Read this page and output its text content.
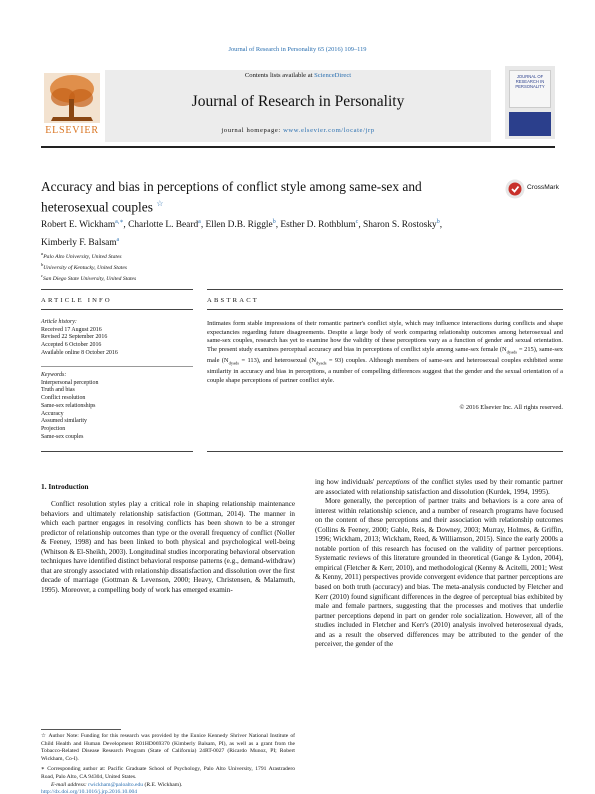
Journal of Research in Personality 65 (2016) 109–119
ELSEVIER
Contents lists available at ScienceDirect
Journal of Research in Personality
journal homepage: www.elsevier.com/locate/jrp
JOURNAL OF RESEARCH IN PERSONALITY
Accuracy and bias in perceptions of conflict style among same-sex and heterosexual couples ☆
CrossMark
Robert E. Wickham$^{a,∗}$, Charlotte L. Beard$^a$, Ellen D.B. Riggle$^b$, Esther D. Rothblum$^c$, Sharon S. Rostosky$^b$,
Kimberly F. Balsam$^a$
$^a$Palo Alto University, United States
$^b$University of Kentucky, United States
$^c$San Diego State University, United States
ARTICLE INFO
Article history:
Received 17 August 2016
Revised 22 September 2016
Accepted 6 October 2016
Available online 8 October 2016
Keywords:
Interpersonal perception
Truth and bias
Conflict resolution
Same-sex relationships
Accuracy
Assumed similarity
Projection
Same-sex couples
ABSTRACT
Intimates form stable impressions of their romantic partner's conflict style, which may influence interactions during conflicts and shape expectancies regarding future disagreements. Despite a large body of work comparing relationship outcomes among heterosexual and same-sex couples, research has yet to examine how the validity of these perceptions vary as a function of gender and sexual orientation. The present study examines perceptual accuracy and bias in perceptions of conflict style among same-sex female $(N_{dyads} = 215)$, same-sex male $(N_{dyads} = 113)$, and heterosexual $(N_{dyads} = 93)$ couples. Although members of same-sex and heterosexual couples exhibited some similarity in accuracy and bias in perceptions, a number of compelling differences suggest that the gender and the sexual orientation of a couple shape perceptions of partner conflict style.
© 2016 Elsevier Inc. All rights reserved.
1. Introduction

Conflict resolution styles play a critical role in shaping relationship maintenance behaviors and ultimately relationship satisfaction (Gottman, 2014). The manner in which each partner engages in resolving conflicts has been shown to be a stronger predictor of relationship outcomes than type or the overall frequency of conflict (Noller & Feeney, 1998) and has been linked to both physical and psychological well-being (Whitson & El-Sheikh, 2003). Longitudinal studies incorporating behavioral observation techniques have identified distinct behavioral response patterns (e.g., demand-withdraw) that are strongly associated with relationship dissatisfaction and dissolution over the first decade of marriage (Gottman & Levenson, 2000; Heavy, Christensen, & Malamuth, 1995). Moreover, a compelling body of work has emerged examin-

ing how individuals' perceptions of the conflict styles used by their romantic partner are associated with relationship satisfaction and dissolution (Kurdek, 1994, 1995).

More generally, the perception of partner traits and behaviors is a core area of interest within relationship science, and a number of research programs have focused on the content of these perceptions and their association with relationship outcomes (Collins & Feeney, 2000; Gable, Reis, & Downey, 2003; Murray, Holmes, & Griffin, 1996; Wickham, 2013; Wickham, Reed, & Williamson, 2015). Since the early 2000s a notable portion of this research has focused on the validity of partner perceptions. Systematic reviews of this literature grounded in theoretical (Gange & Lydon, 2004), empirical (Fletcher & Kerr, 2010), and methodological (Kenny & Acitelli, 2001; West & Kenny, 2011) perspectives provide convergent evidence that partner perceptions are based on both truth (accuracy) and bias. The meta-analysis conducted by Fletcher and Kerr (2010) found significant differences in the degree of perceptual bias exhibited by male and female partners, suggesting that the processes and motives that underlie partner perceptions depend in part on gender role socialization. However, all of the studies included in Fletcher and Kerr's (2010) analysis involved heterosexual dyads, and as a result the observed differences may be attributed to the gender of the perceiver, the gender of the

☆ Author Note: Funding for this research was provided by the Eunice Kennedy Shriver National Institute of Child Health and Human Development R01HD069370 (Kimberly Balsam, PI), as well as a grant from the Tobacco-Related Disease Research Program (State of California) 24RT-0027 (Ricardo Munoz, PI; Robert Wickham, Co-I).
∗ Corresponding author at: Pacific Graduate School of Psychology, Palo Alto University, 1791 Arastradero Road, Palo Alto, CA 94304, United States.
E-mail address: rwickham@paloalto.edu (R.E. Wickham).
http://dx.doi.org/10.1016/j.jrp.2016.10.004
